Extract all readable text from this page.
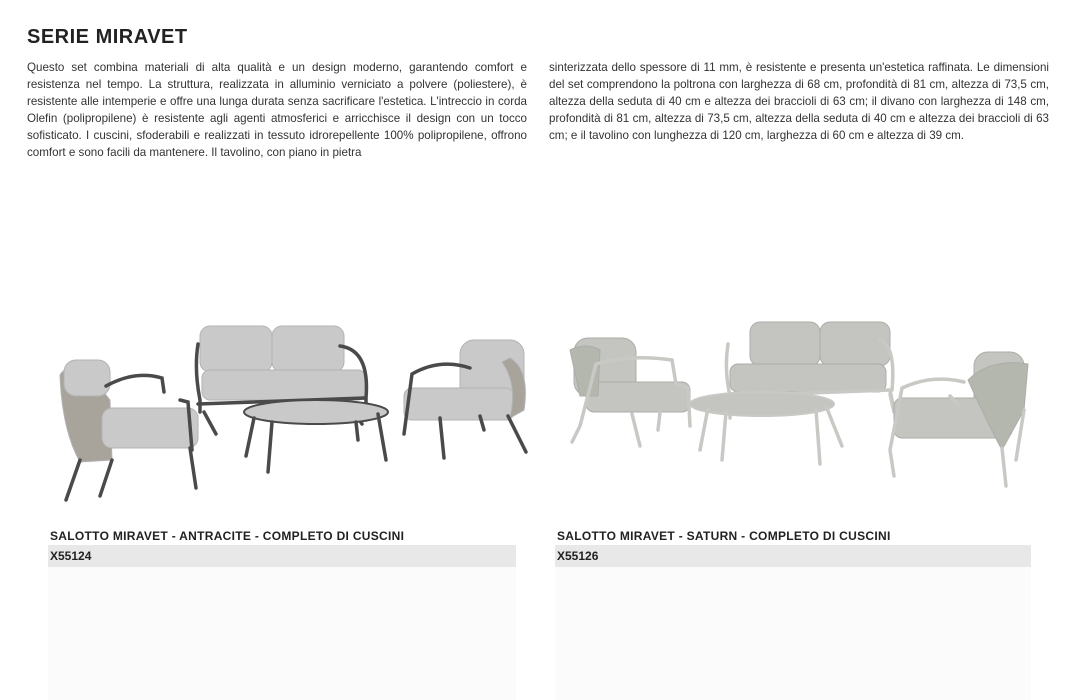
SERIE MIRAVET
Questo set combina materiali di alta qualità e un design moderno, garantendo comfort e resistenza nel tempo. La struttura, realizzata in alluminio verniciato a polvere (poliestere), è resistente alle intemperie e offre una lunga durata senza sacrificare l'estetica. L'intreccio in corda Olefin (polipropilene) è resistente agli agenti atmosferici e arricchisce il design con un tocco sofisticato. I cuscini, sfoderabili e realizzati in tessuto idrorepellente 100% polipropilene, offrono comfort e sono facili da mantenere. Il tavolino, con piano in pietra
sinterizzata dello spessore di 11 mm, è resistente e presenta un'estetica raffinata. Le dimensioni del set comprendono la poltrona con larghezza di 68 cm, profondità di 81 cm, altezza di 73,5 cm, altezza della seduta di 40 cm e altezza dei braccioli di 63 cm; il divano con larghezza di 148 cm, profondità di 81 cm, altezza di 73,5 cm, altezza della seduta di 40 cm e altezza dei braccioli di 63 cm; e il tavolino con lunghezza di 120 cm, larghezza di 60 cm e altezza di 39 cm.
SALOTTO MIRAVET - ANTRACITE - COMPLETO DI CUSCINI
X55124
SALOTTO MIRAVET - SATURN - COMPLETO DI CUSCINI
X55126
